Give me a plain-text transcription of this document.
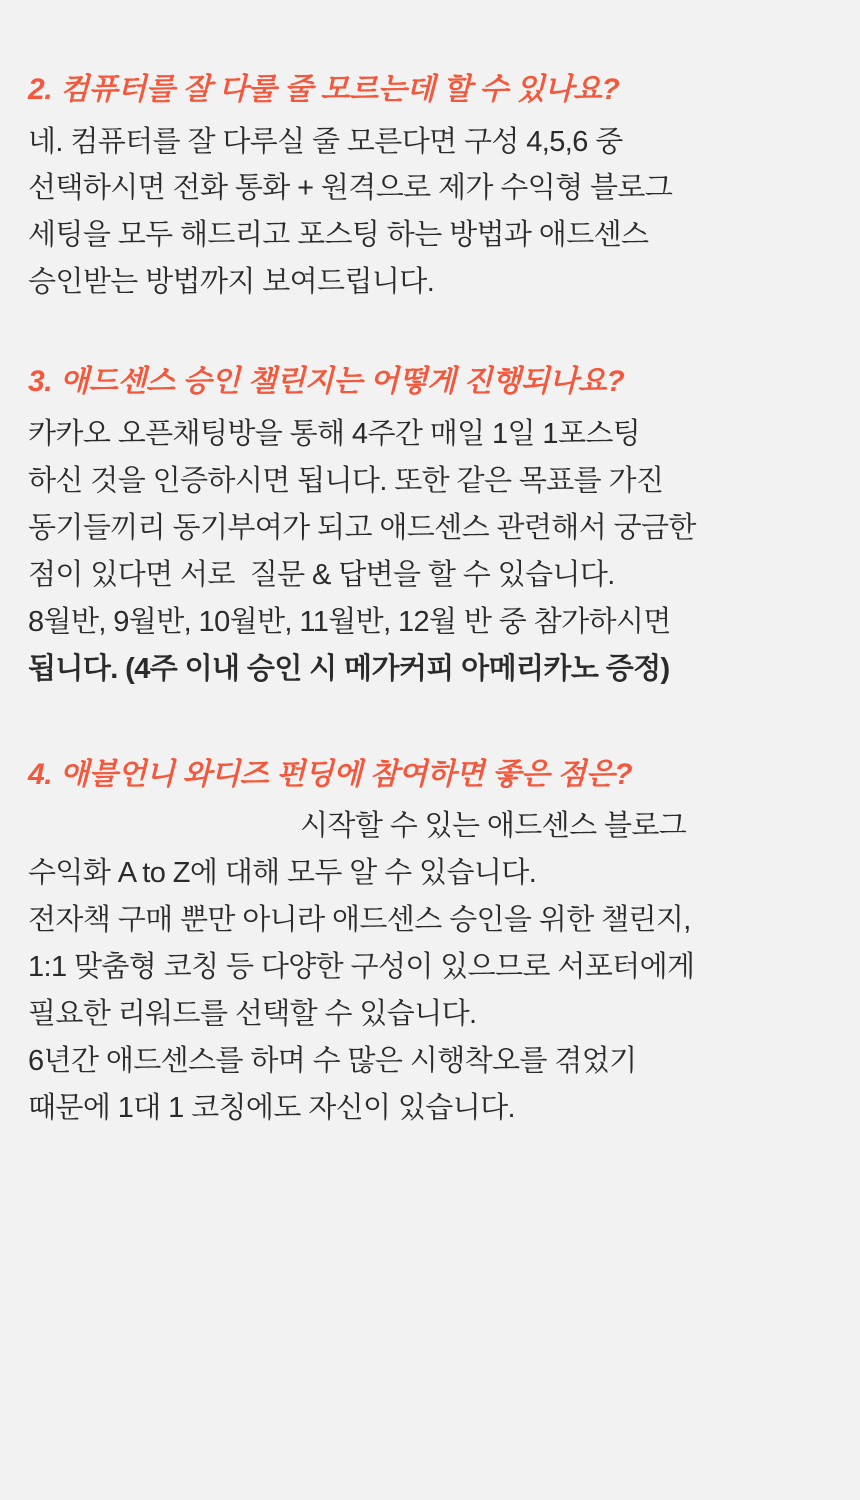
2. 컴퓨터를 잘 다룰 줄 모르는데 할 수 있나요?

네. 컴퓨터를 잘 다루실 줄 모른다면 구성 4,5,6 중

선택하시면 전화 통화 + 원격으로 제가 수익형 블로그

세팅을 모두 해드리고 포스팅 하는 방법과 애드센스

승인받는 방법까지 보여드립니다.

3. 애드센스 승인 챌린지는 어떻게 진행되나요?

카카오 오픈채팅방을 통해 4주간 매일 1일 1포스팅

하신 것을 인증하시면 됩니다. 또한 같은 목표를 가진

동기들끼리 동기부여가 되고 애드센스 관련해서 궁금한

점이 있다면 서로  질문 & 답변을 할 수 있습니다.

8월반, 9월반, 10월반, 11월반, 12월 반 중 참가하시면

됩니다. (4주 이내 승인 시 메가커피 아메리카노 증정)

4. 애블언니 와디즈 펀딩에 참여하면 좋은 점은?

시작할 수 있는 애드센스 블로그

수익화 A to Z에 대해 모두 알 수 있습니다.

전자책 구매 뿐만 아니라 애드센스 승인을 위한 챌린지,

1:1 맞춤형 코칭 등 다양한 구성이 있으므로 서포터에게

필요한 리워드를 선택할 수 있습니다.

6년간 애드센스를 하며 수 많은 시행착오를 겪었기

때문에 1대 1 코칭에도 자신이 있습니다.
